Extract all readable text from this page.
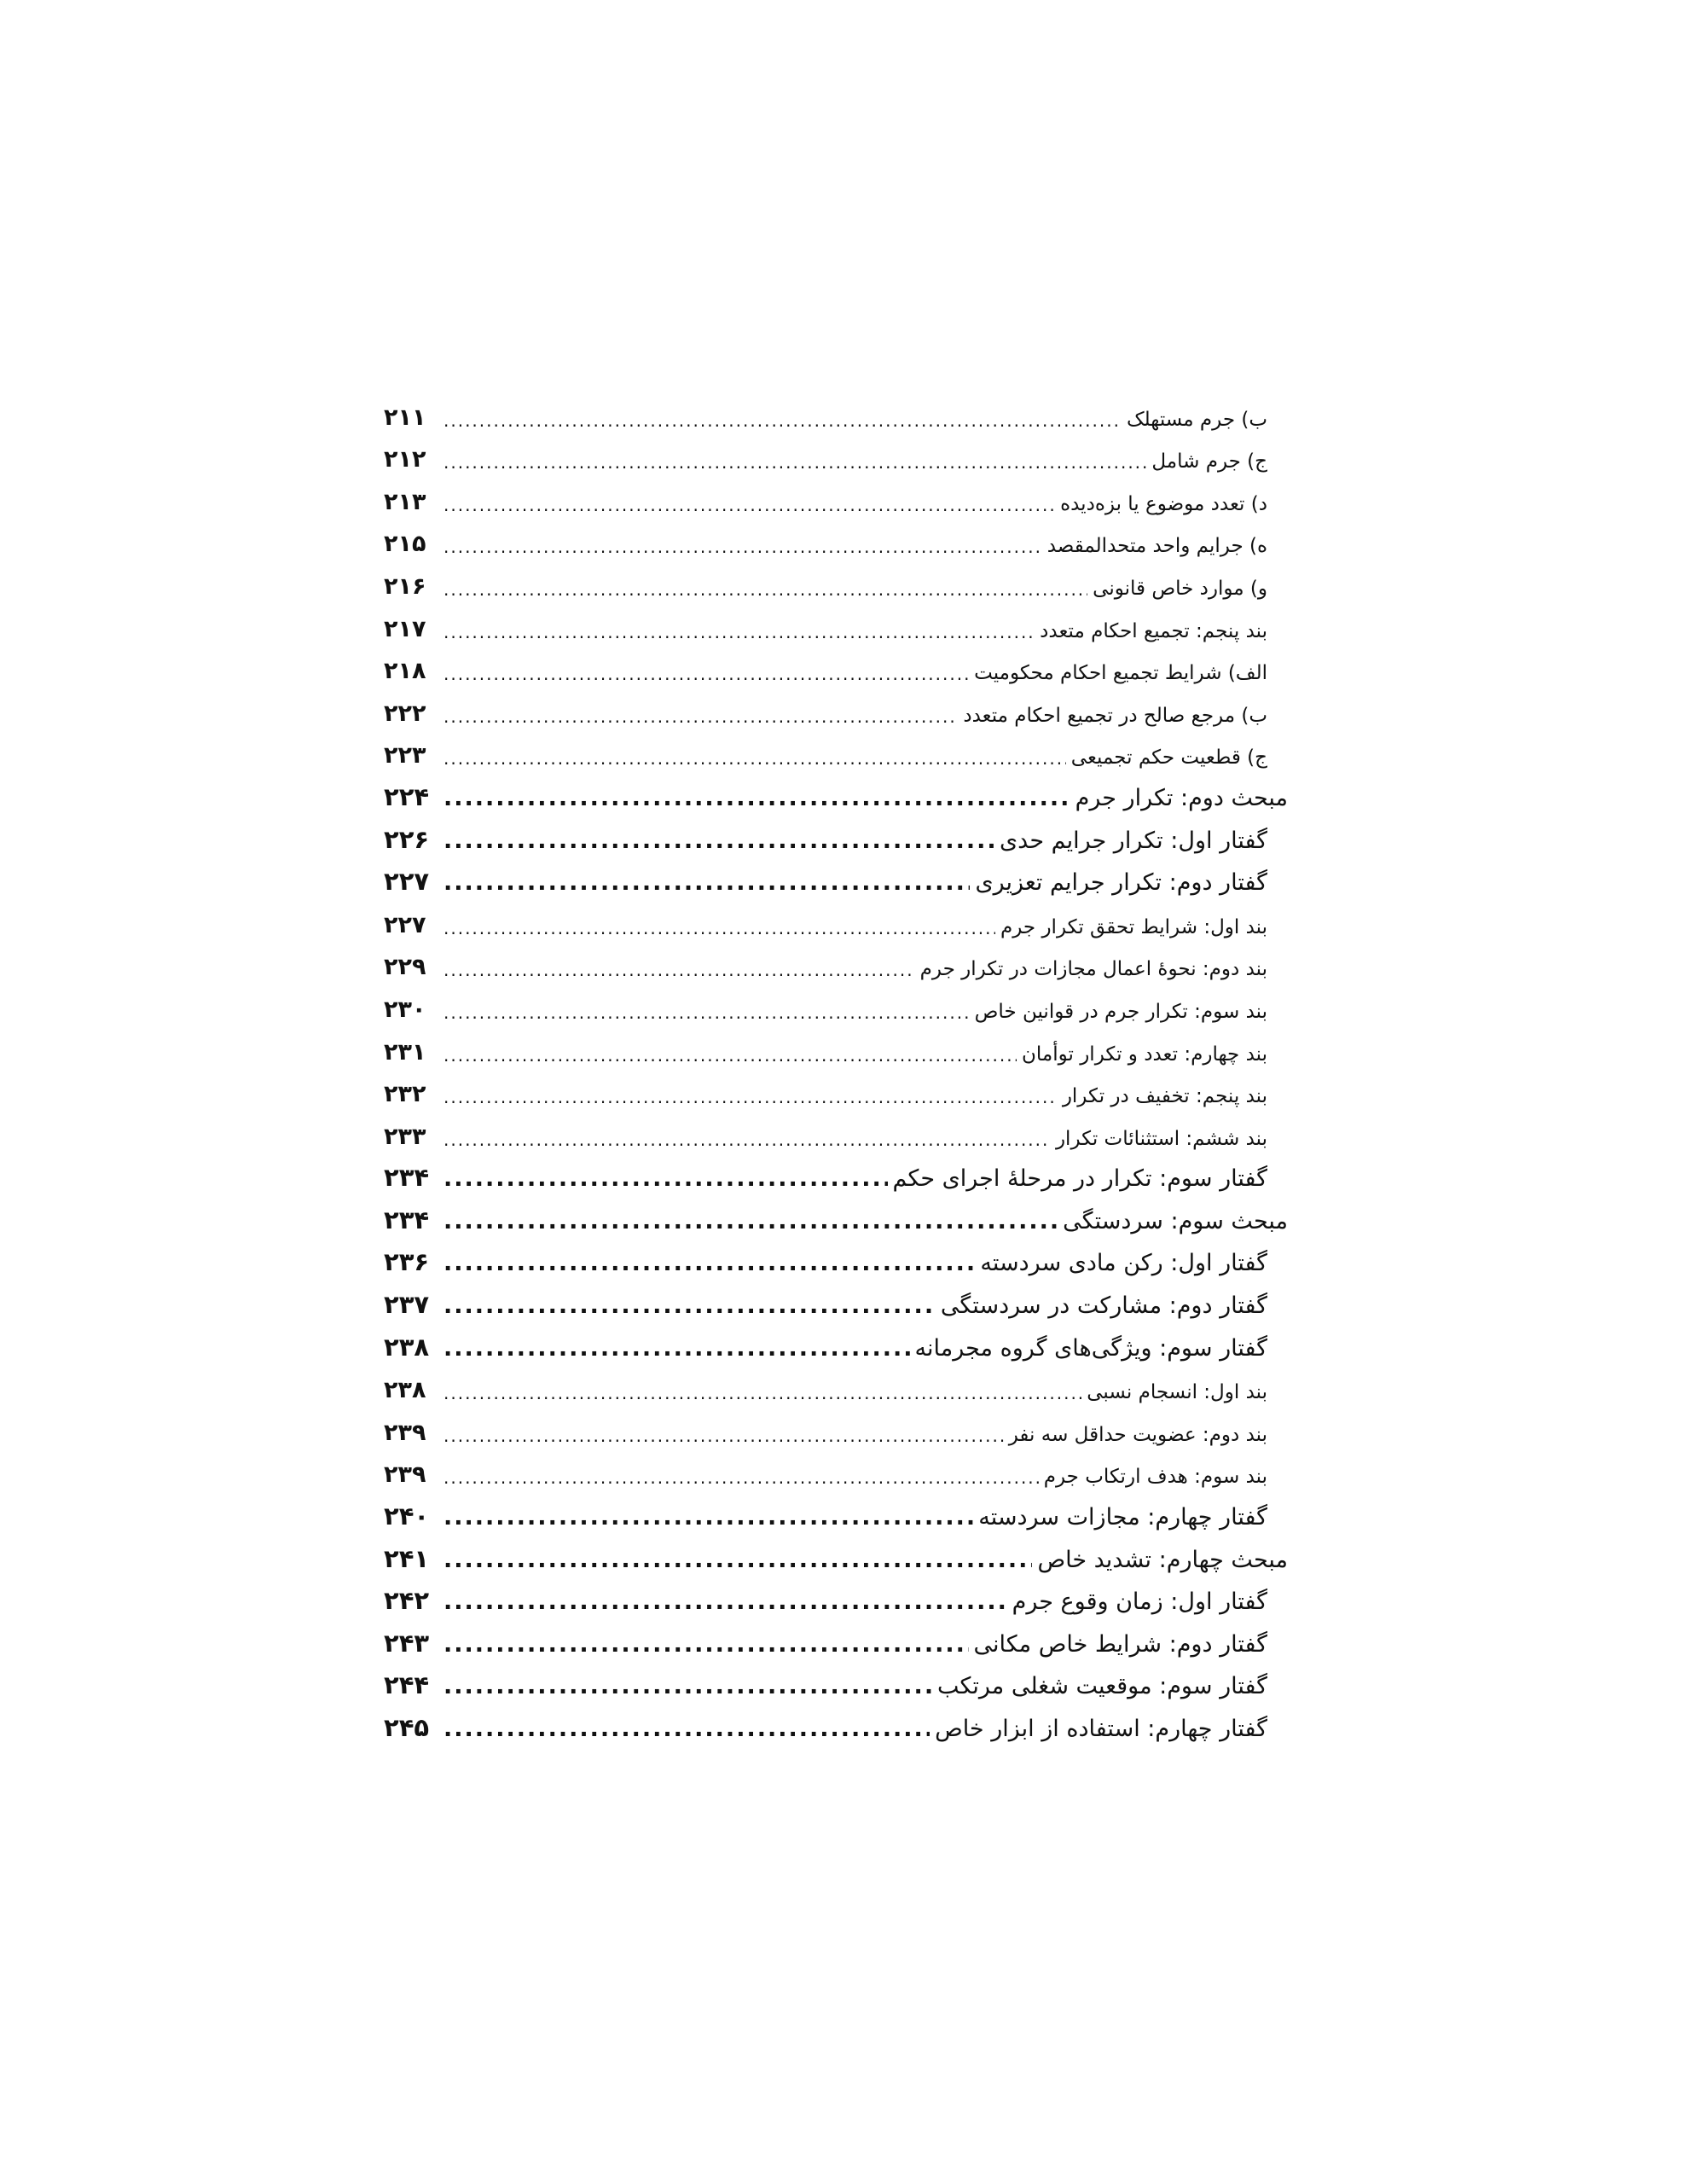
ب) جرم مستهلک
.....
۲۱۱
ج) جرم شامل
.....
۲۱۲
د) تعدد موضوع یا بزه‌دیده
.....
۲۱۳
ه) جرایم واحد متحدالمقصد
.....
۲۱۵
و) موارد خاص قانونی
.....
۲۱۶
بند پنجم: تجمیع احکام متعدد
.....
۲۱۷
الف) شرایط تجمیع احکام محکومیت
.....
۲۱۸
ب) مرجع صالح در تجمیع احکام متعدد
.....
۲۲۲
ج) قطعیت حکم تجمیعی
.....
۲۲۳
مبحث دوم: تکرار جرم
.....
۲۲۴
گفتار اول: تکرار جرایم حدی
.....
۲۲۶
گفتار دوم: تکرار جرایم تعزیری
.....
۲۲۷
بند اول: شرایط تحقق تکرار جرم
.....
۲۲۷
بند دوم: نحوهٔ اعمال مجازات در تکرار جرم
.....
۲۲۹
بند سوم: تکرار جرم در قوانین خاص
.....
۲۳۰
بند چهارم: تعدد و تکرار توأمان
.....
۲۳۱
بند پنجم: تخفیف در تکرار
.....
۲۳۲
بند ششم: استثنائات تکرار
.....
۲۳۳
گفتار سوم: تکرار در مرحلهٔ اجرای حکم
.....
۲۳۴
مبحث سوم: سردستگی
.....
۲۳۴
گفتار اول: رکن مادی سردسته
.....
۲۳۶
گفتار دوم: مشارکت در سردستگی
.....
۲۳۷
گفتار سوم: ویژگی‌های گروه مجرمانه
.....
۲۳۸
بند اول: انسجام نسبی
.....
۲۳۸
بند دوم: عضویت حداقل سه نفر
.....
۲۳۹
بند سوم: هدف ارتکاب جرم
.....
۲۳۹
گفتار چهارم: مجازات سردسته
.....
۲۴۰
مبحث چهارم: تشدید خاص
.....
۲۴۱
گفتار اول: زمان وقوع جرم
.....
۲۴۲
گفتار دوم: شرایط خاص مکانی
.....
۲۴۳
گفتار سوم: موقعیت شغلی مرتکب
.....
۲۴۴
گفتار چهارم: استفاده از ابزار خاص
.....
۲۴۵
